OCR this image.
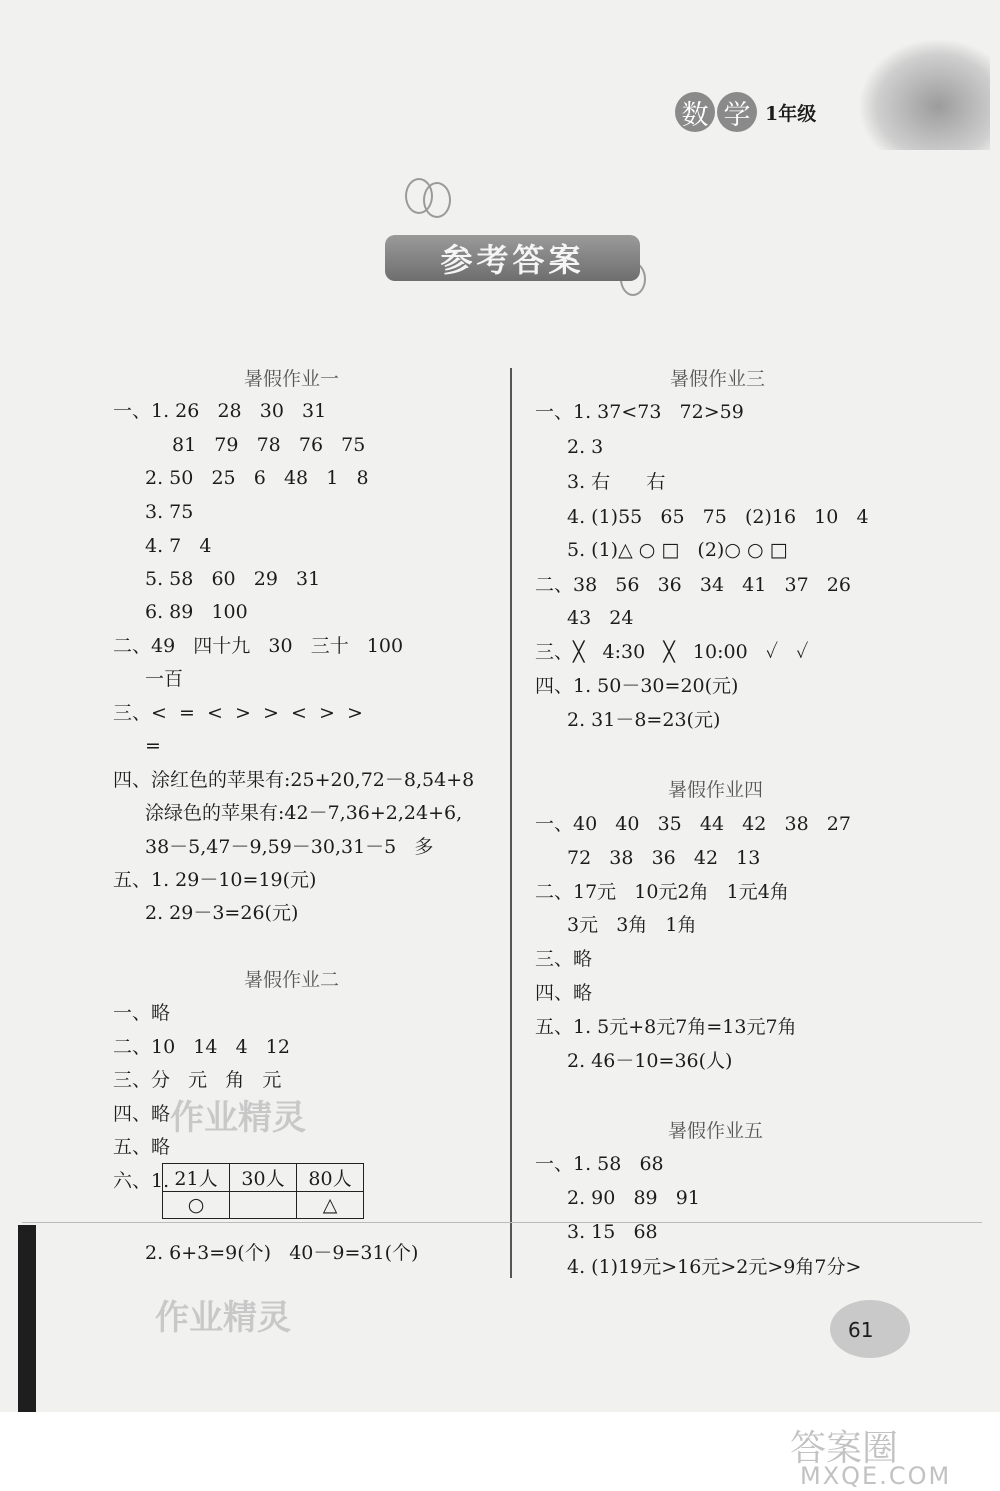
数 学 1年级
参考答案
作业精灵
作业精灵
暑假作业一
一、1. 26   28   30   31
81   79   78   76   75
2. 50   25   6   48   1   8
3. 75
4. 7   4
5. 58   60   29   31
6. 89   100
二、49   四十九   30   三十   100
一百
三、<  =  <  >  >  <  >  >
=
四、涂红色的苹果有:25+20,72－8,54+8
涂绿色的苹果有:42－7,36+2,24+6,
38－5,47－9,59－30,31－5   多
五、1. 29－10=19(元)
2. 29－3=26(元)
暑假作业二
一、略
二、10   14   4   12
三、分   元   角   元
四、略
五、略
六、1.
2. 6+3=9(个)   40－9=31(个)
21人	30人	80人
○		△
暑假作业三
一、1. 37<73   72>59
2. 3
3. 右      右
4. (1)55   65   75   (2)16   10   4
5. (1)△ ○ □   (2)○ ○ □
二、38   56   36   34   41   37   26
43   24
三、╳   4:30   ╳   10:00   ✓   ✓
四、1. 50－30=20(元)
2. 31－8=23(元)
暑假作业四
一、40   40   35   44   42   38   27
72   38   36   42   13
二、17元   10元2角   1元4角
3元   3角   1角
三、略
四、略
五、1. 5元+8元7角=13元7角
2. 46－10=36(人)
暑假作业五
一、1. 58   68
2. 90   89   91
3. 15   68
4. (1)19元>16元>2元>9角7分>
61
答案圈
MXQE.COM
